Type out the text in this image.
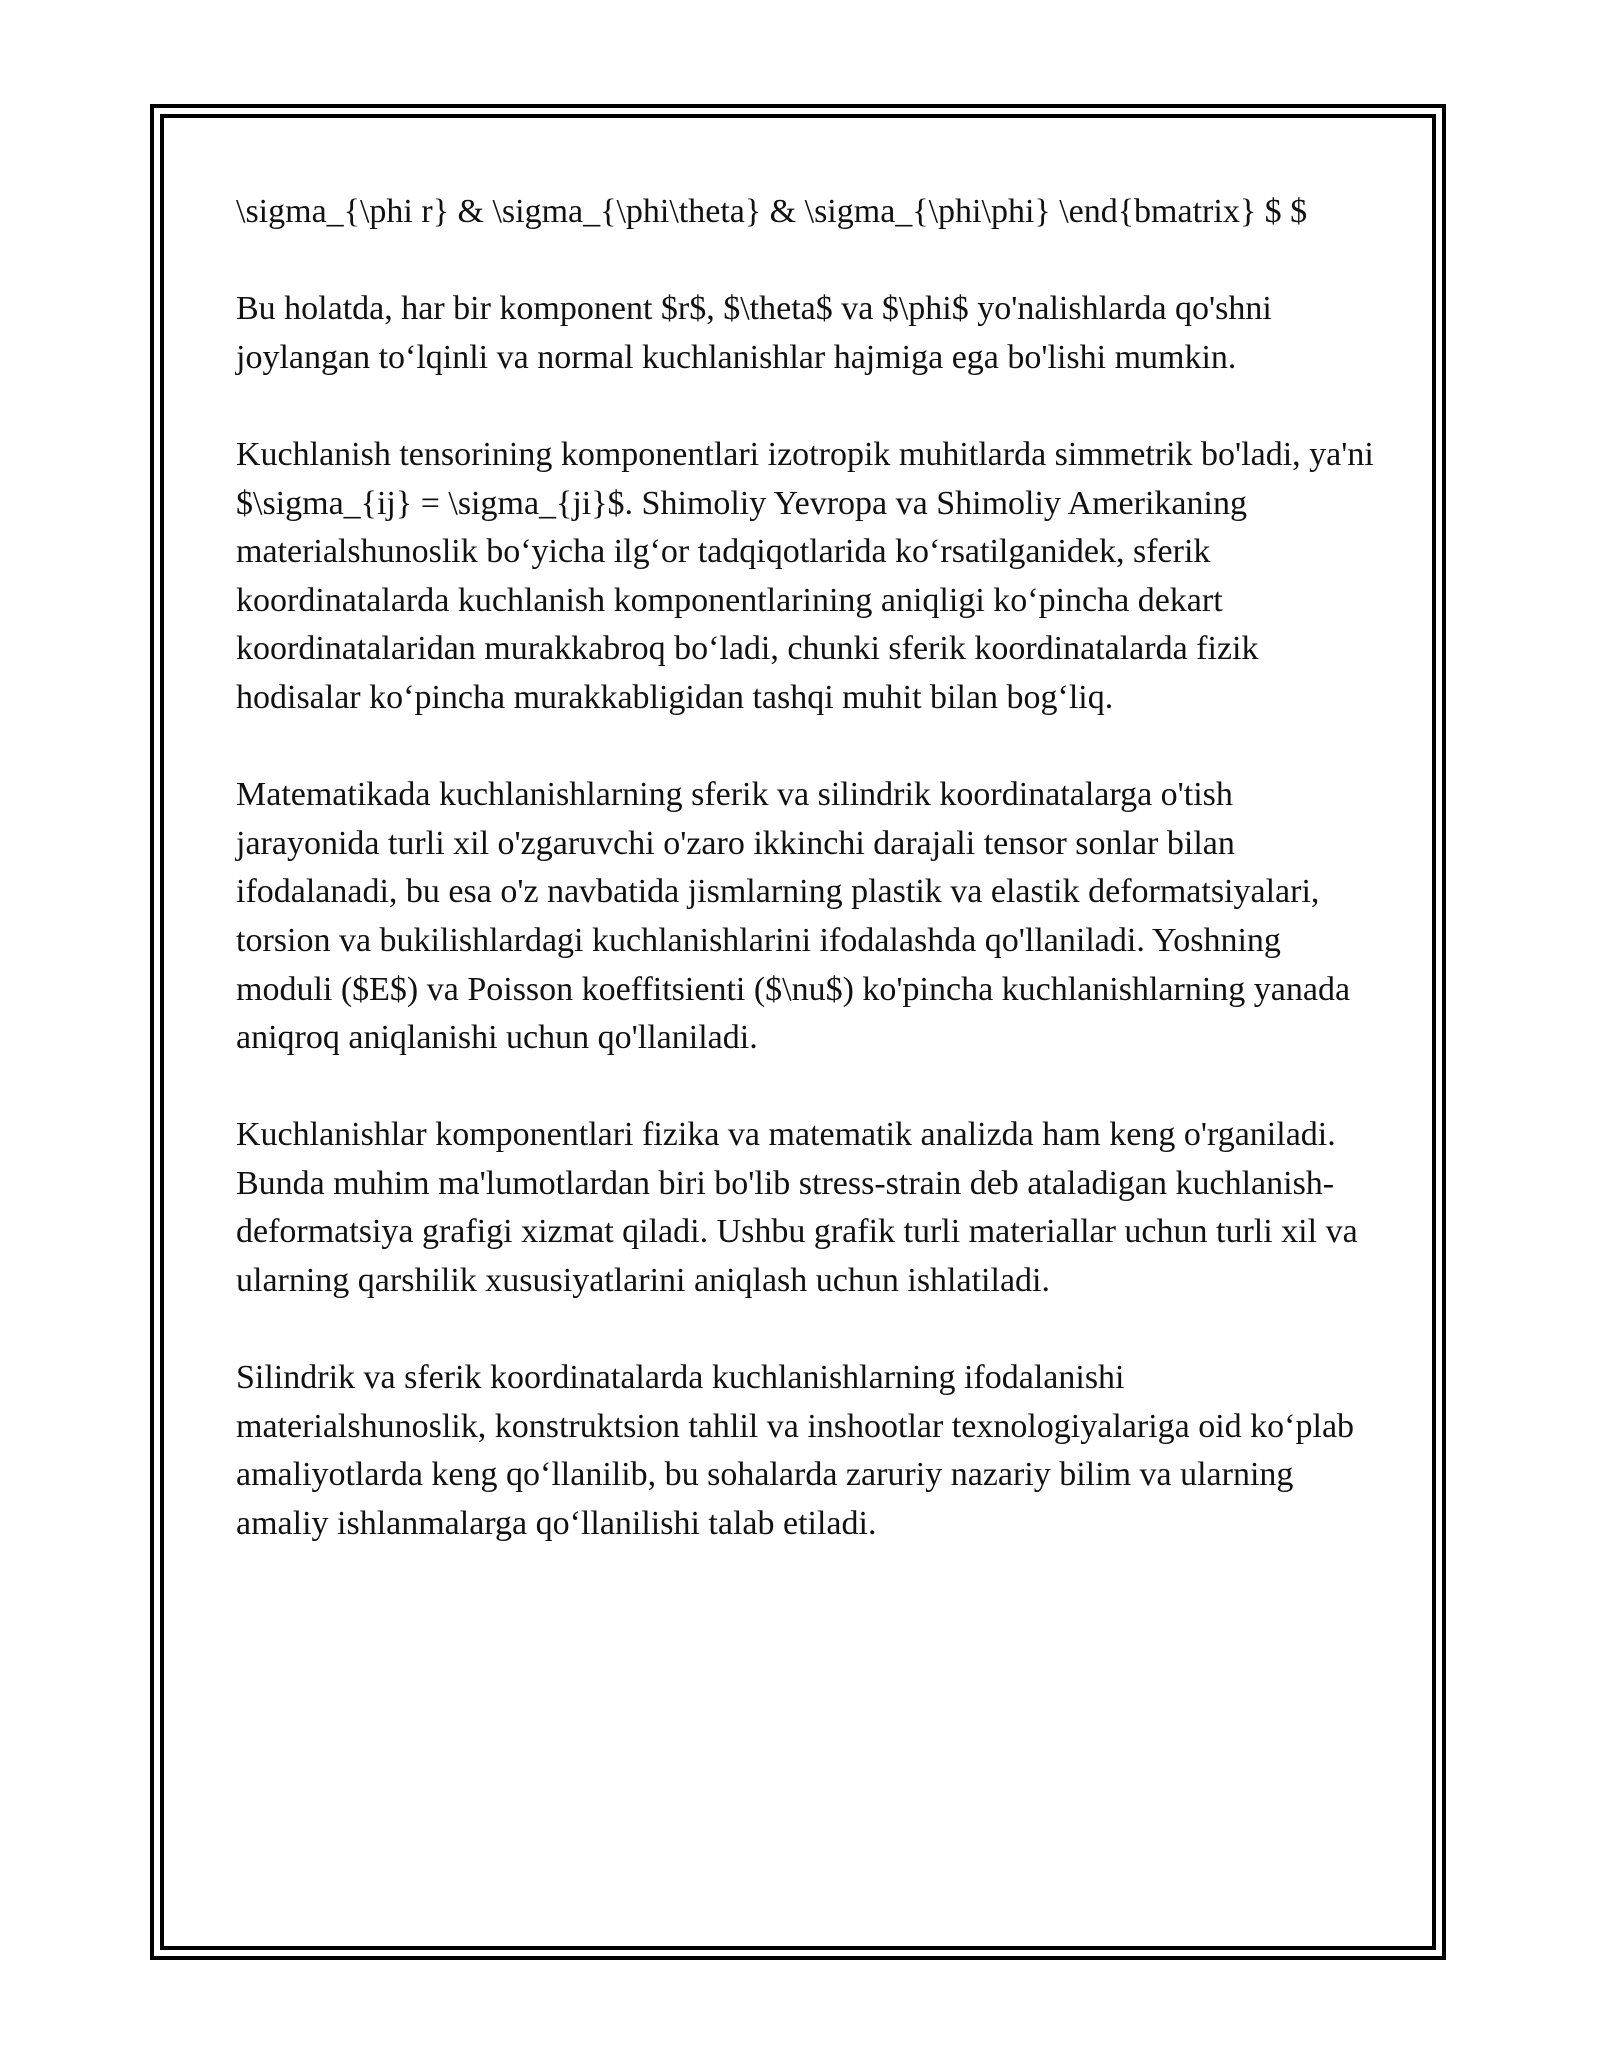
\sigma_{\phi r} & \sigma_{\phi\theta} & \sigma_{\phi\phi} \end{bmatrix} $ $

Bu holatda, har bir komponent $r$, $\theta$ va $\phi$ yo'nalishlarda qo'shni joylangan to‘lqinli va normal kuchlanishlar hajmiga ega bo'lishi mumkin.

Kuchlanish tensorining komponentlari izotropik muhitlarda simmetrik bo'ladi, ya'ni $\sigma_{ij} = \sigma_{ji}$. Shimoliy Yevropa va Shimoliy Amerikaning materialshunoslik bo‘yicha ilg‘or tadqiqotlarida ko‘rsatilganidek, sferik koordinatalarda kuchlanish komponentlarining aniqligi ko‘pincha dekart koordinatalaridan murakkabroq bo‘ladi, chunki sferik koordinatalarda fizik hodisalar ko‘pincha murakkabligidan tashqi muhit bilan bog‘liq.

Matematikada kuchlanishlarning sferik va silindrik koordinatalarga o'tish jarayonida turli xil o'zgaruvchi o'zaro ikkinchi darajali tensor sonlar bilan ifodalanadi, bu esa o'z navbatida jismlarning plastik va elastik deformatsiyalari, torsion va bukilishlardagi kuchlanishlarini ifodalashda qo'llaniladi. Yoshning moduli ($E$) va Poisson koeffitsienti ($\nu$) ko'pincha kuchlanishlarning yanada aniqroq aniqlanishi uchun qo'llaniladi.

Kuchlanishlar komponentlari fizika va matematik analizda ham keng o'rganiladi. Bunda muhim ma'lumotlardan biri bo'lib stress-strain deb ataladigan kuchlanish-deformatsiya grafigi xizmat qiladi. Ushbu grafik turli materiallar uchun turli xil va ularning qarshilik xususiyatlarini aniqlash uchun ishlatiladi.

Silindrik va sferik koordinatalarda kuchlanishlarning ifodalanishi materialshunoslik, konstruktsion tahlil va inshootlar texnologiyalariga oid ko‘plab amaliyotlarda keng qo‘llanilib, bu sohalarda zaruriy nazariy bilim va ularning amaliy ishlanmalarga qo‘llanilishi talab etiladi.
